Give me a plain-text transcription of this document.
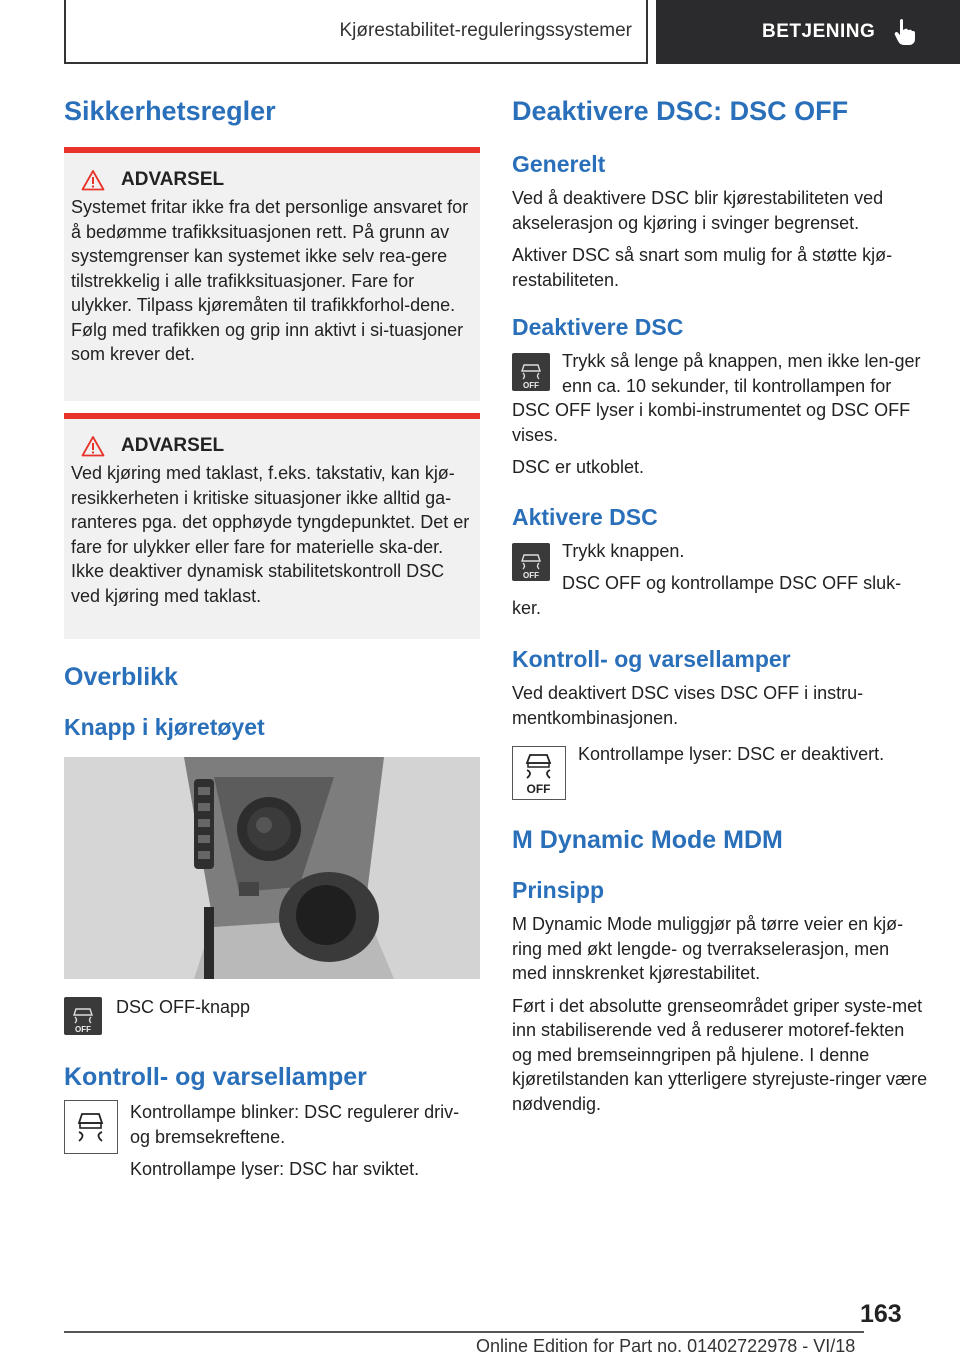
Kjørestabilitet-reguleringssystemer	BETJENING
Sikkerhetsregler
ADVARSEL

Systemet fritar ikke fra det personlige ansvaret for å bedømme trafikksituasjonen rett. På grunn av systemgrenser kan systemet ikke selv rea-gere tilstrekkelig i alle trafikksituasjoner. Fare for ulykker. Tilpass kjøremåten til trafikkforhol-dene. Følg med trafikken og grip inn aktivt i si-tuasjoner som krever det.

ADVARSEL

Ved kjøring med taklast, f.eks. takstativ, kan kjø-resikkerheten i kritiske situasjoner ikke alltid ga-ranteres pga. det opphøyde tyngdepunktet. Det er fare for ulykker eller fare for materielle ska-der. Ikke deaktiver dynamisk stabilitetskontroll DSC ved kjøring med taklast.

Overblikk
Knapp i kjøretøyet
OFF

DSC OFF-knapp

Kontroll- og varsellamper

Kontrollampe blinker: DSC regulerer driv- og bremsekreftene.

Kontrollampe lyser: DSC har sviktet.

Deaktivere DSC: DSC OFF
Generelt

Ved å deaktivere DSC blir kjørestabiliteten ved akselerasjon og kjøring i svinger begrenset.

Aktiver DSC så snart som mulig for å støtte kjø-restabiliteten.

Deaktivere DSC
OFF

Trykk så lenge på knappen, men ikke len-ger enn ca. 10 sekunder, til kontrollampen for DSC OFF lyser i kombi-instrumentet og DSC OFF vises.

DSC er utkoblet.

Aktivere DSC
OFF

Trykk knappen.

DSC OFF og kontrollampe DSC OFF sluk-ker.

Kontroll- og varsellamper

Ved deaktivert DSC vises DSC OFF i instru-mentkombinasjonen.

OFF

Kontrollampe lyser: DSC er deaktivert.

M Dynamic Mode MDM
Prinsipp

M Dynamic Mode muliggjør på tørre veier en kjø-ring med økt lengde- og tverrakselerasjon, men med innskrenket kjørestabilitet.

Ført i det absolutte grenseområdet griper syste-met inn stabiliserende ved å reduserer motoref-fekten og med bremseinngripen på hjulene. I denne kjøretilstanden kan ytterligere styrejuste-ringer være nødvendig.

163
Online Edition for Part no. 01402722978 - VI/18
